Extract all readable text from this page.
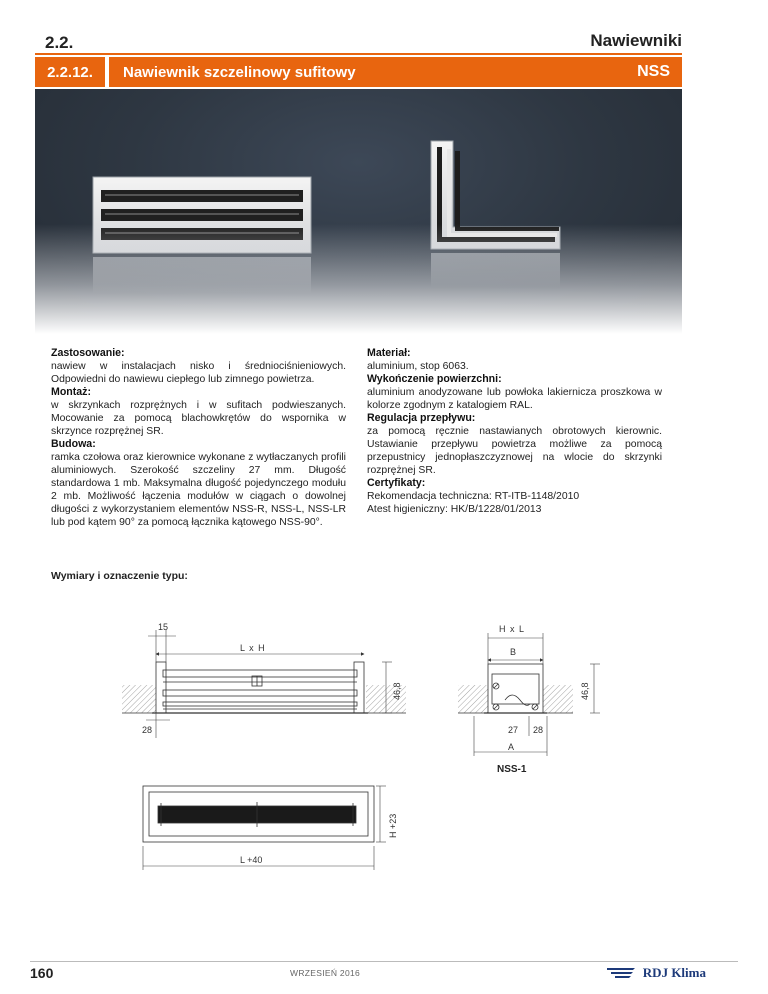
2.2.	Nawiewniki
2.2.12.	Nawiewnik szczelinowy sufitowy	NSS
Zastosowanie:

nawiew w instalacjach nisko i średniociśnieniowych. Odpowiedni do nawiewu ciepłego lub zimnego powietrza.

Montaż:

w skrzynkach rozprężnych i w sufitach podwieszanych. Mocowanie za pomocą blachowkrętów do wspornika w skrzynce rozprężnej SR.

Budowa:

ramka czołowa oraz kierownice wykonane z wytłaczanych profili aluminiowych. Szerokość szczeliny 27 mm. Długość standardowa 1 mb. Maksymalna długość pojedynczego modułu 2 mb. Możliwość łączenia modułów w ciągach o dowolnej długości z wykorzystaniem elementów NSS-R, NSS-L, NSS-LR lub pod kątem 90° za pomocą łącznika kątowego NSS-90°.

Materiał:

aluminium, stop 6063.

Wykończenie powierzchni:

aluminium anodyzowane lub powłoka lakiernicza proszkowa w kolorze zgodnym z katalogiem RAL.

Regulacja przepływu:

za pomocą ręcznie nastawianych obrotowych kierownic. Ustawianie przepływu powietrza możliwe za pomocą przepustnicy jednopłaszczyznowej na wlocie do skrzynki rozprężnej SR.

Certyfikaty:

Rekomendacja techniczna: RT-ITB-1148/2010
Atest higieniczny: HK/B/1228/01/2013

Wymiary i oznaczenie typu:
15
L x H
46,8
28
H x L
B
46,8
27 28
A
NSS-1
H +23
L +40
160	WRZESIEŃ 2016	RDJ Klima
